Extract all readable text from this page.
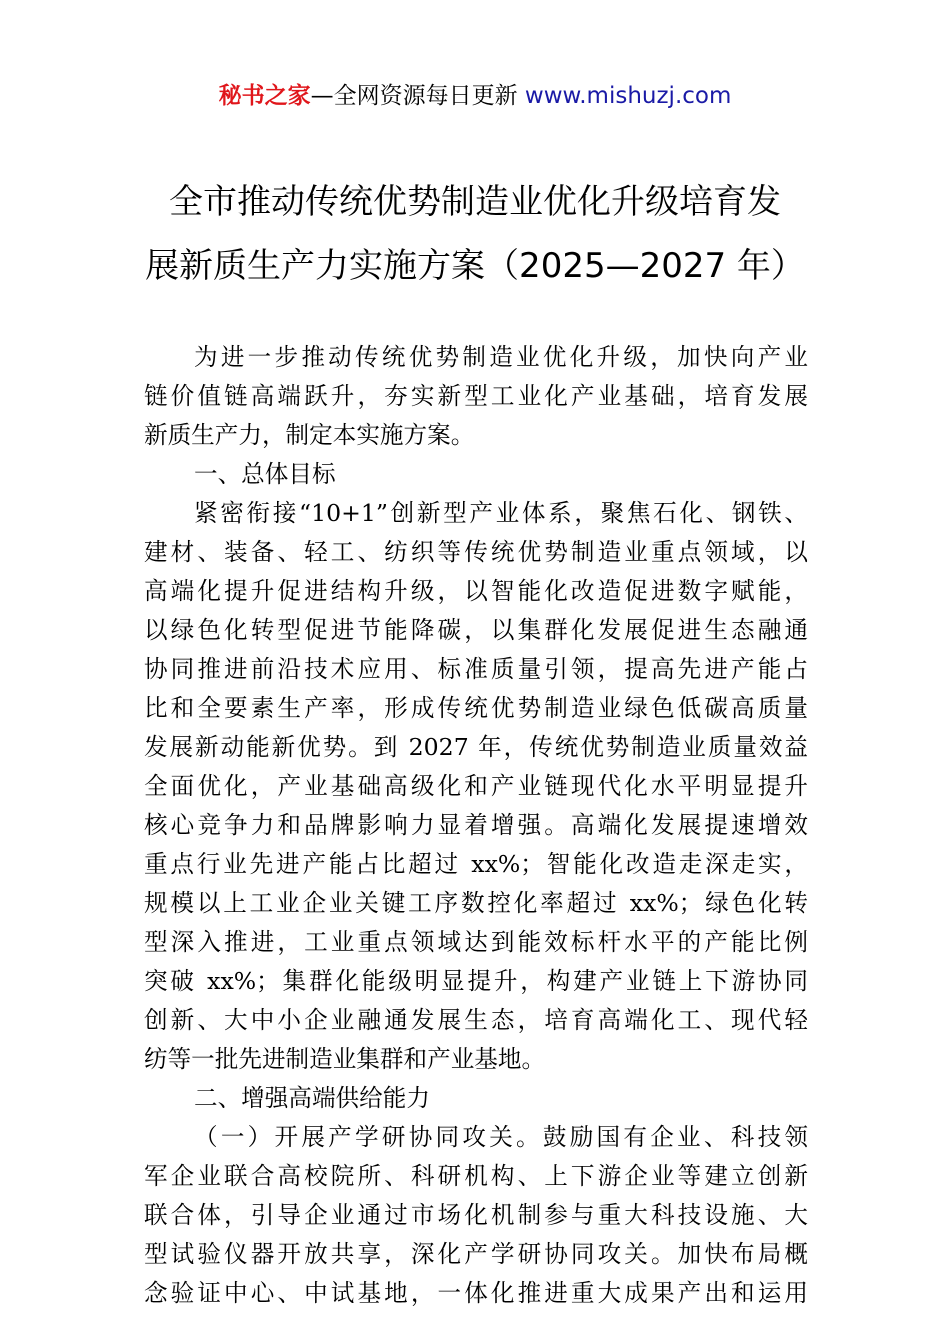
秘书之家—全网资源每日更新 www.mishuzj.com
全市推动传统优势制造业优化升级培育发
展新质生产力实施方案（2025—2027 年）
为进一步推动传统优势制造业优化升级，加快向产业
链价值链高端跃升，夯实新型工业化产业基础，培育发展
新质生产力，制定本实施方案。
一、总体目标
紧密衔接“10+1”创新型产业体系，聚焦石化、钢铁、
建材、装备、轻工、纺织等传统优势制造业重点领域，以
高端化提升促进结构升级，以智能化改造促进数字赋能，
以绿色化转型促进节能降碳，以集群化发展促进生态融通
协同推进前沿技术应用、标准质量引领，提高先进产能占
比和全要素生产率，形成传统优势制造业绿色低碳高质量
发展新动能新优势。到 2027 年，传统优势制造业质量效益
全面优化，产业基础高级化和产业链现代化水平明显提升
核心竞争力和品牌影响力显着增强。高端化发展提速增效
重点行业先进产能占比超过 xx%；智能化改造走深走实，
规模以上工业企业关键工序数控化率超过 xx%；绿色化转
型深入推进，工业重点领域达到能效标杆水平的产能比例
突破 xx%；集群化能级明显提升，构建产业链上下游协同
创新、大中小企业融通发展生态，培育高端化工、现代轻
纺等一批先进制造业集群和产业基地。
二、增强高端供给能力
（一）开展产学研协同攻关。鼓励国有企业、科技领
军企业联合高校院所、科研机构、上下游企业等建立创新
联合体，引导企业通过市场化机制参与重大科技设施、大
型试验仪器开放共享，深化产学研协同攻关。加快布局概
念验证中心、中试基地，一体化推进重大成果产出和运用
